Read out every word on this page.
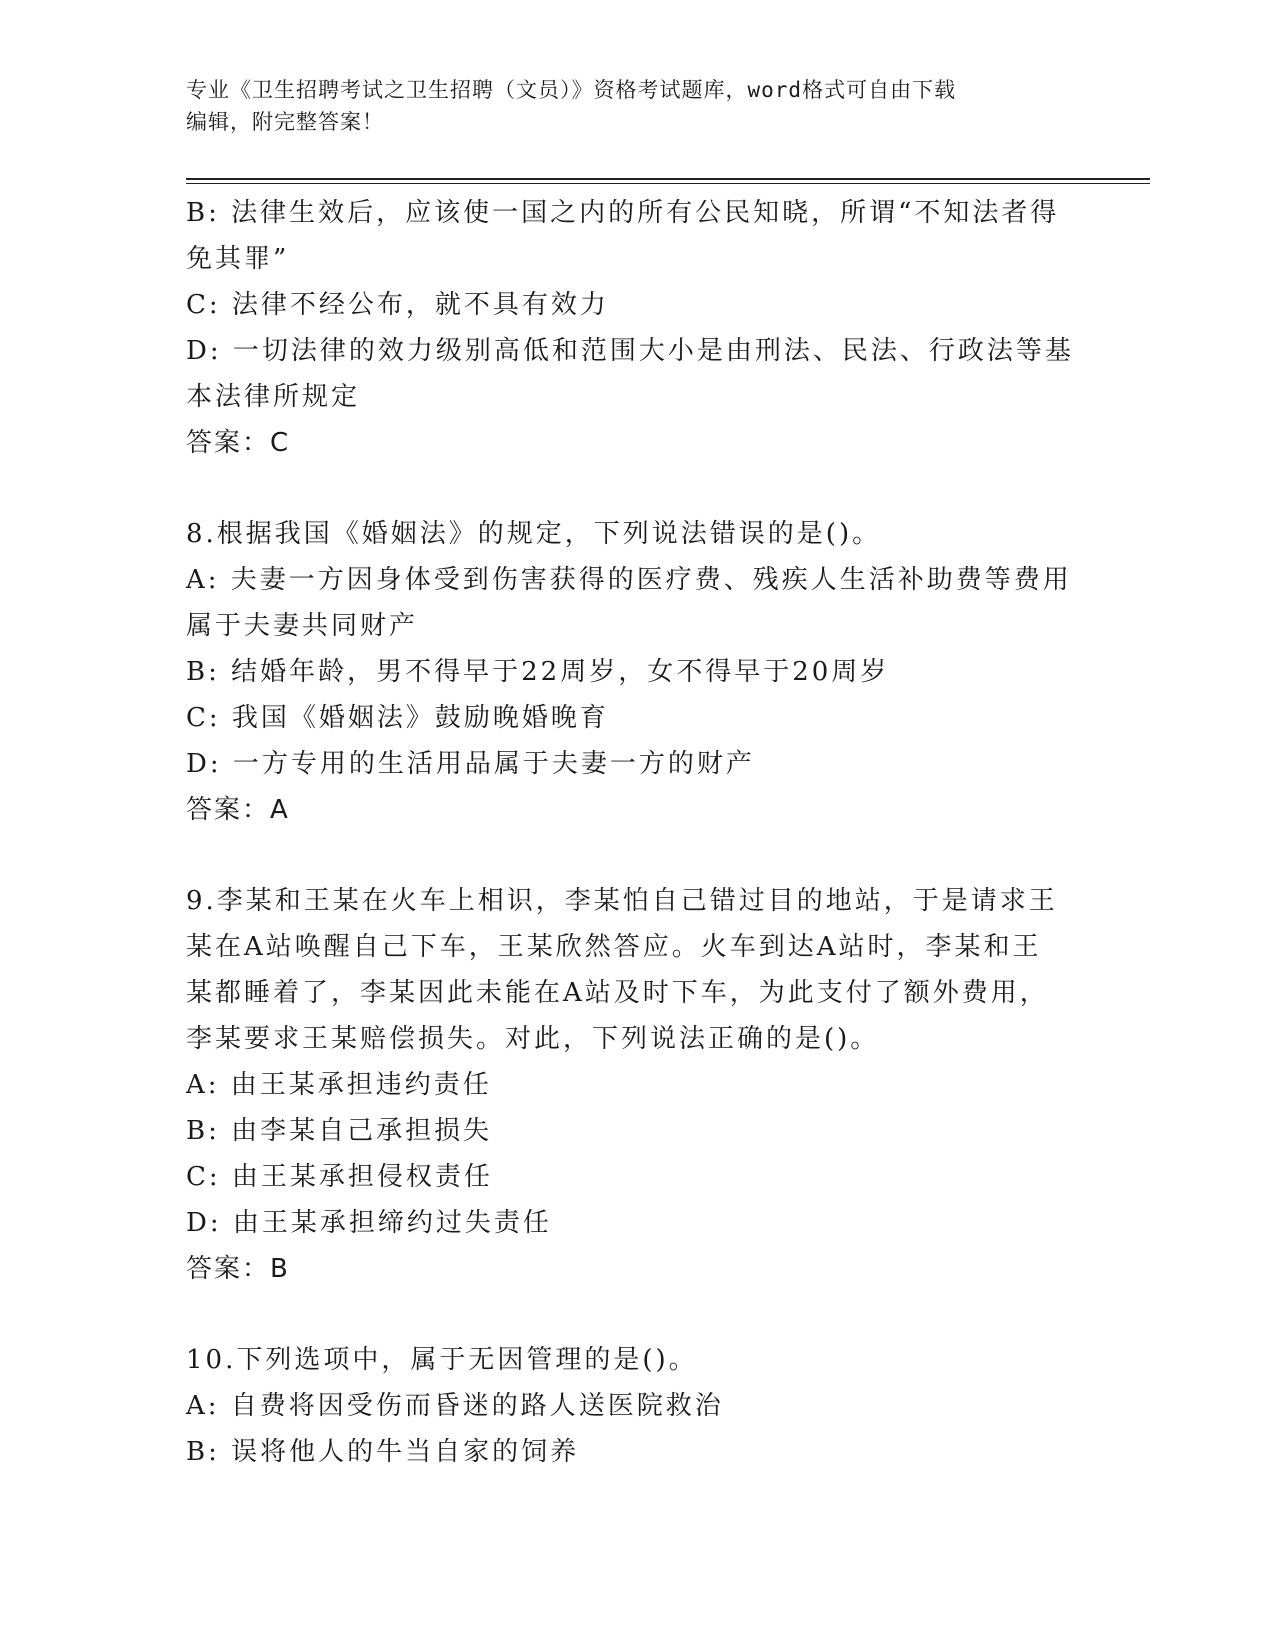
专业《卫生招聘考试之卫生招聘（文员）》资格考试题库，word格式可自由下载
编辑，附完整答案！
B: 法律生效后，应该使一国之内的所有公民知晓，所谓“不知法者得
免其罪”
C: 法律不经公布，就不具有效力
D: 一切法律的效力级别高低和范围大小是由刑法、民法、行政法等基
本法律所规定
答案：C
8.根据我国《婚姻法》的规定，下列说法错误的是()。
A: 夫妻一方因身体受到伤害获得的医疗费、残疾人生活补助费等费用
属于夫妻共同财产
B: 结婚年龄，男不得早于22周岁，女不得早于20周岁
C: 我国《婚姻法》鼓励晚婚晚育
D: 一方专用的生活用品属于夫妻一方的财产
答案：A
9.李某和王某在火车上相识，李某怕自己错过目的地站，于是请求王
某在A站唤醒自己下车，王某欣然答应。火车到达A站时，李某和王
某都睡着了，李某因此未能在A站及时下车，为此支付了额外费用，
李某要求王某赔偿损失。对此，下列说法正确的是()。
A: 由王某承担违约责任
B: 由李某自己承担损失
C: 由王某承担侵权责任
D: 由王某承担缔约过失责任
答案：B
10.下列选项中，属于无因管理的是()。
A: 自费将因受伤而昏迷的路人送医院救治
B: 误将他人的牛当自家的饲养
